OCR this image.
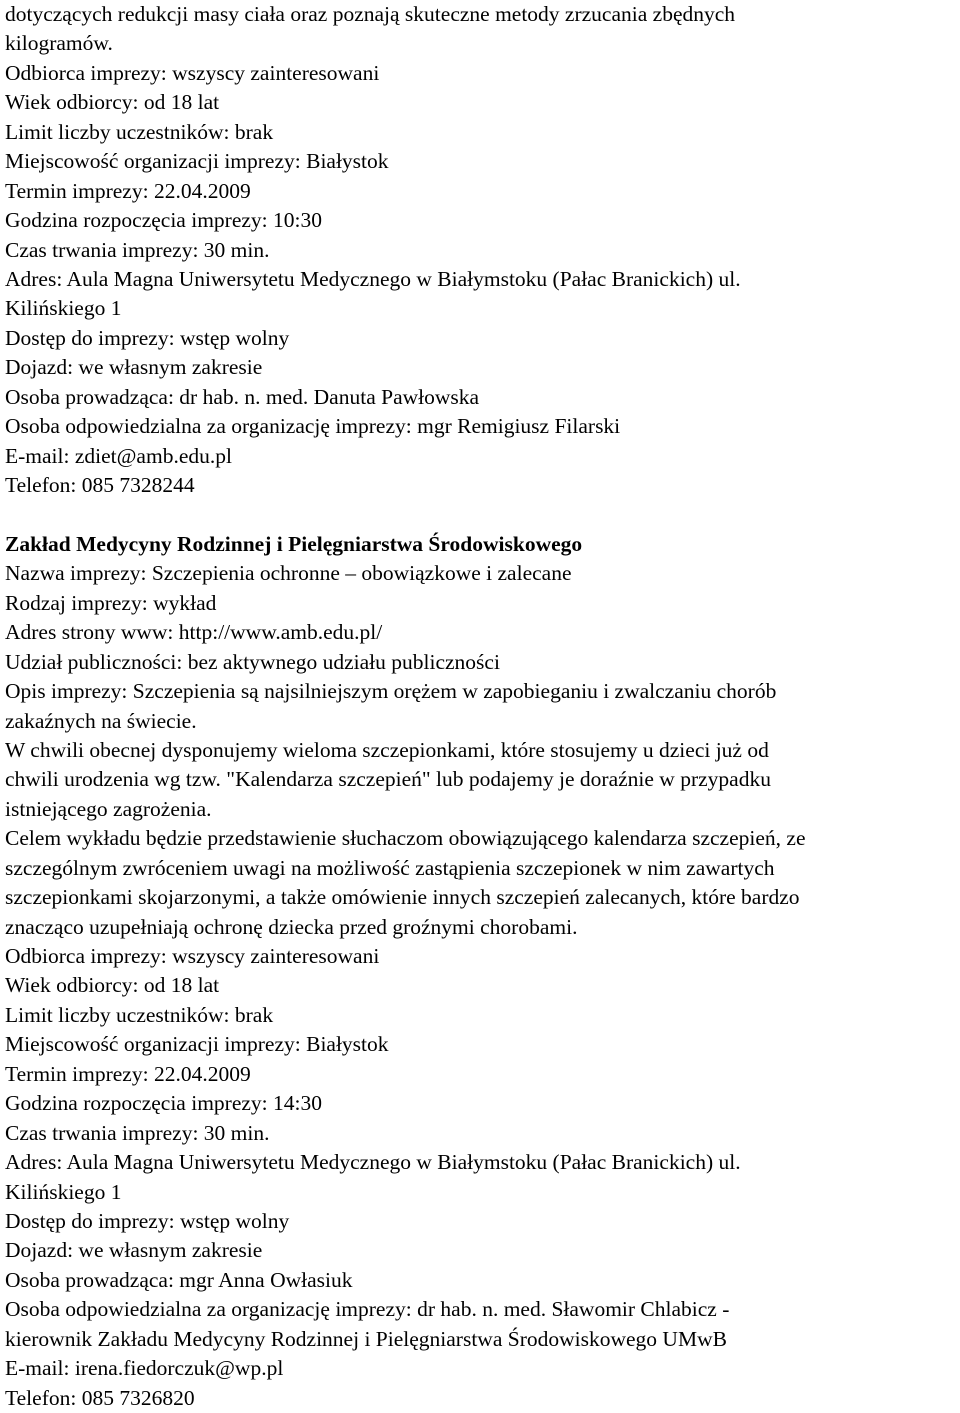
dotyczących redukcji masy ciała oraz poznają skuteczne metody zrzucania zbędnych
kilogramów.
Odbiorca imprezy: wszyscy zainteresowani
Wiek odbiorcy: od 18 lat
Limit liczby uczestników: brak
Miejscowość organizacji imprezy: Białystok
Termin imprezy: 22.04.2009
Godzina rozpoczęcia imprezy: 10:30
Czas trwania imprezy: 30 min.
Adres: Aula Magna Uniwersytetu Medycznego w Białymstoku (Pałac Branickich) ul.
Kilińskiego 1
Dostęp do imprezy: wstęp wolny
Dojazd: we własnym zakresie
Osoba prowadząca: dr hab. n. med. Danuta Pawłowska
Osoba odpowiedzialna za organizację imprezy: mgr Remigiusz Filarski
E-mail: zdiet@amb.edu.pl
Telefon: 085 7328244
Zakład Medycyny Rodzinnej i Pielęgniarstwa Środowiskowego
Nazwa imprezy: Szczepienia ochronne – obowiązkowe i zalecane
Rodzaj imprezy: wykład
Adres strony www: http://www.amb.edu.pl/
Udział publiczności: bez aktywnego udziału publiczności
Opis imprezy: Szczepienia są najsilniejszym orężem w zapobieganiu i zwalczaniu chorób
zakaźnych na świecie.
W chwili obecnej dysponujemy wieloma szczepionkami, które stosujemy u dzieci już od
chwili urodzenia wg tzw. "Kalendarza szczepień" lub podajemy je doraźnie w przypadku
istniejącego zagrożenia.
Celem wykładu będzie przedstawienie słuchaczom obowiązującego kalendarza szczepień, ze
szczególnym zwróceniem uwagi na możliwość zastąpienia szczepionek w nim zawartych
szczepionkami skojarzonymi, a także omówienie innych szczepień zalecanych, które bardzo
znacząco uzupełniają ochronę dziecka przed groźnymi chorobami.
Odbiorca imprezy: wszyscy zainteresowani
Wiek odbiorcy: od 18 lat
Limit liczby uczestników: brak
Miejscowość organizacji imprezy: Białystok
Termin imprezy: 22.04.2009
Godzina rozpoczęcia imprezy: 14:30
Czas trwania imprezy: 30 min.
Adres: Aula Magna Uniwersytetu Medycznego w Białymstoku (Pałac Branickich) ul.
Kilińskiego 1
Dostęp do imprezy: wstęp wolny
Dojazd: we własnym zakresie
Osoba prowadząca: mgr Anna Owłasiuk
Osoba odpowiedzialna za organizację imprezy: dr hab. n. med. Sławomir Chlabicz -
kierownik Zakładu Medycyny Rodzinnej i Pielęgniarstwa Środowiskowego UMwB
E-mail: irena.fiedorczuk@wp.pl
Telefon: 085 7326820
